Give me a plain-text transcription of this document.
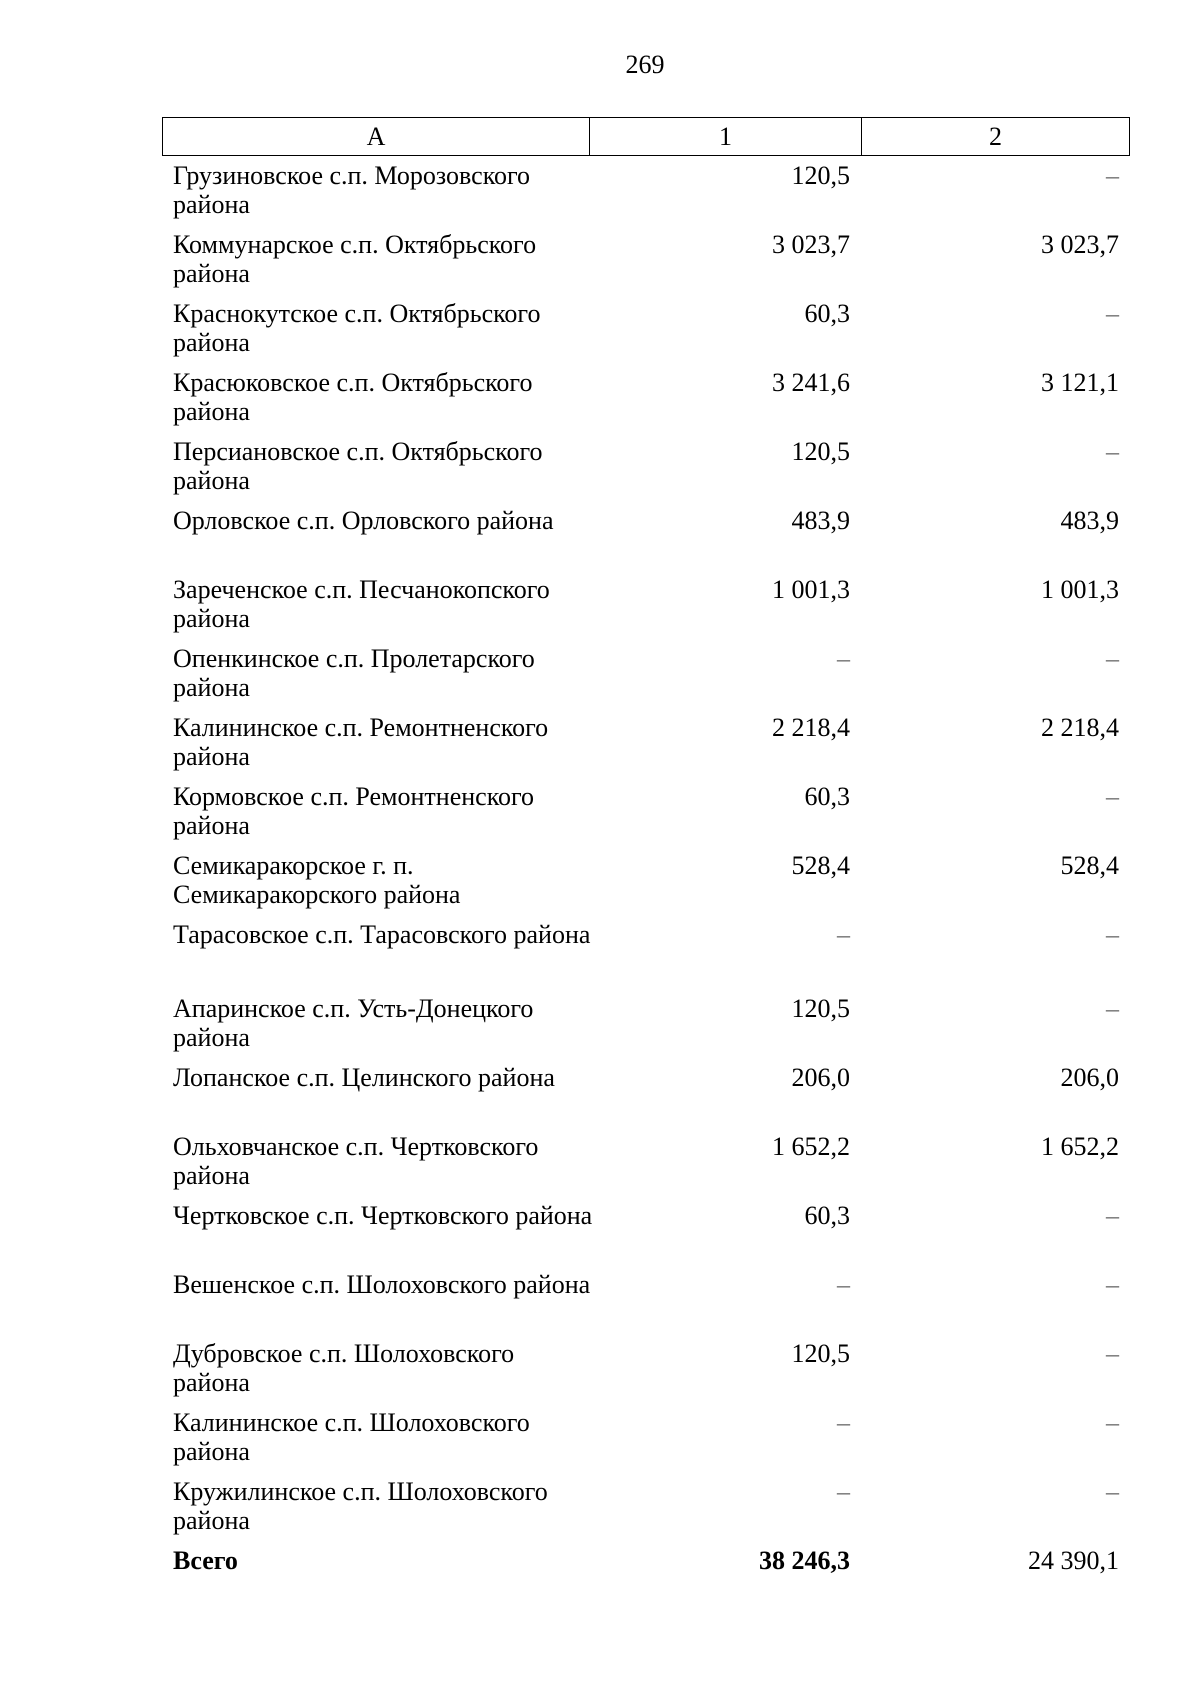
269
А	1	2
Грузиновское с.п. Морозовского района
120,5	–
Коммунарское с.п. Октябрьского района
3 023,7	3 023,7
Краснокутское с.п. Октябрьского района
60,3	–
Красюковское с.п. Октябрьского района
3 241,6	3 121,1
Персиановское с.п. Октябрьского района
120,5	–
Орловское с.п. Орловского района	483,9	483,9
Зареченское с.п. Песчанокопского района
1 001,3	1 001,3
Опенкинское с.п. Пролетарского района
–	–
Калининское с.п. Ремонтненского района
2 218,4	2 218,4
Кормовское с.п. Ремонтненского района
60,3	–
Семикаракорское г. п. Семикаракорского района
528,4	528,4
Тарасовское с.п. Тарасовского района	–	–
Апаринское с.п. Усть-Донецкого района
120,5	–
Лопанское с.п. Целинского района	206,0	206,0
Ольховчанское с.п. Чертковского района
1 652,2	1 652,2
Чертковское с.п. Чертковского района	60,3	–
Вешенское с.п. Шолоховского района	–	–
Дубровское с.п. Шолоховского района
120,5	–
Калининское с.п. Шолоховского района
–	–
Кружилинское с.п. Шолоховского района
–	–
Всего	38 246,3	24 390,1
